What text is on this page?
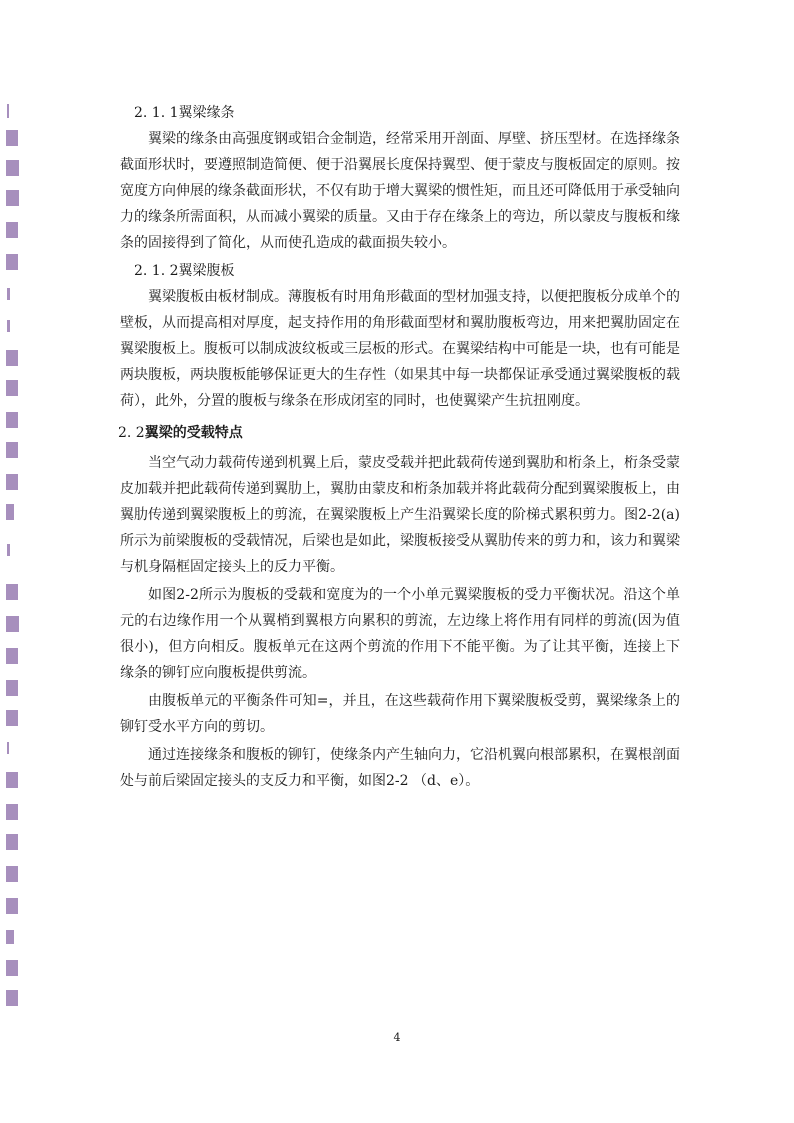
2. 1. 1翼梁缘条

翼梁的缘条由高强度钢或铝合金制造，经常采用开剖面、厚壁、挤压型材。在选择缘条截面形状时，要遵照制造简便、便于沿翼展长度保持翼型、便于蒙皮与腹板固定的原则。按宽度方向伸展的缘条截面形状，不仅有助于增大翼梁的惯性矩，而且还可降低用于承受轴向力的缘条所需面积，从而减小翼梁的质量。又由于存在缘条上的弯边，所以蒙皮与腹板和缘条的固接得到了简化，从而使孔造成的截面损失较小。

2. 1. 2翼梁腹板

翼梁腹板由板材制成。薄腹板有时用角形截面的型材加强支持，以便把腹板分成单个的壁板，从而提高相对厚度，起支持作用的角形截面型材和翼肋腹板弯边，用来把翼肋固定在翼梁腹板上。腹板可以制成波纹板或三层板的形式。在翼梁结构中可能是一块，也有可能是两块腹板，两块腹板能够保证更大的生存性（如果其中每一块都保证承受通过翼梁腹板的载荷），此外，分置的腹板与缘条在形成闭室的同时，也使翼梁产生抗扭刚度。

2. 2翼梁的受载特点

当空气动力载荷传递到机翼上后，蒙皮受载并把此载荷传递到翼肋和桁条上，桁条受蒙皮加载并把此载荷传递到翼肋上，翼肋由蒙皮和桁条加载并将此载荷分配到翼梁腹板上，由翼肋传递到翼梁腹板上的剪流，在翼梁腹板上产生沿翼梁长度的阶梯式累积剪力。图2-2(a)所示为前梁腹板的受载情况，后梁也是如此，梁腹板接受从翼肋传来的剪力和，该力和翼梁与机身隔框固定接头上的反力平衡。

如图2-2所示为腹板的受载和宽度为的一个小单元翼梁腹板的受力平衡状况。沿这个单元的右边缘作用一个从翼梢到翼根方向累积的剪流，左边缘上将作用有同样的剪流(因为值很小)，但方向相反。腹板单元在这两个剪流的作用下不能平衡。为了让其平衡，连接上下缘条的铆钉应向腹板提供剪流。

由腹板单元的平衡条件可知=，并且，在这些载荷作用下翼梁腹板受剪，翼梁缘条上的铆钉受水平方向的剪切。

通过连接缘条和腹板的铆钉，使缘条内产生轴向力，它沿机翼向根部累积，在翼根剖面处与前后梁固定接头的支反力和平衡，如图2-2 （d、e）。

4
